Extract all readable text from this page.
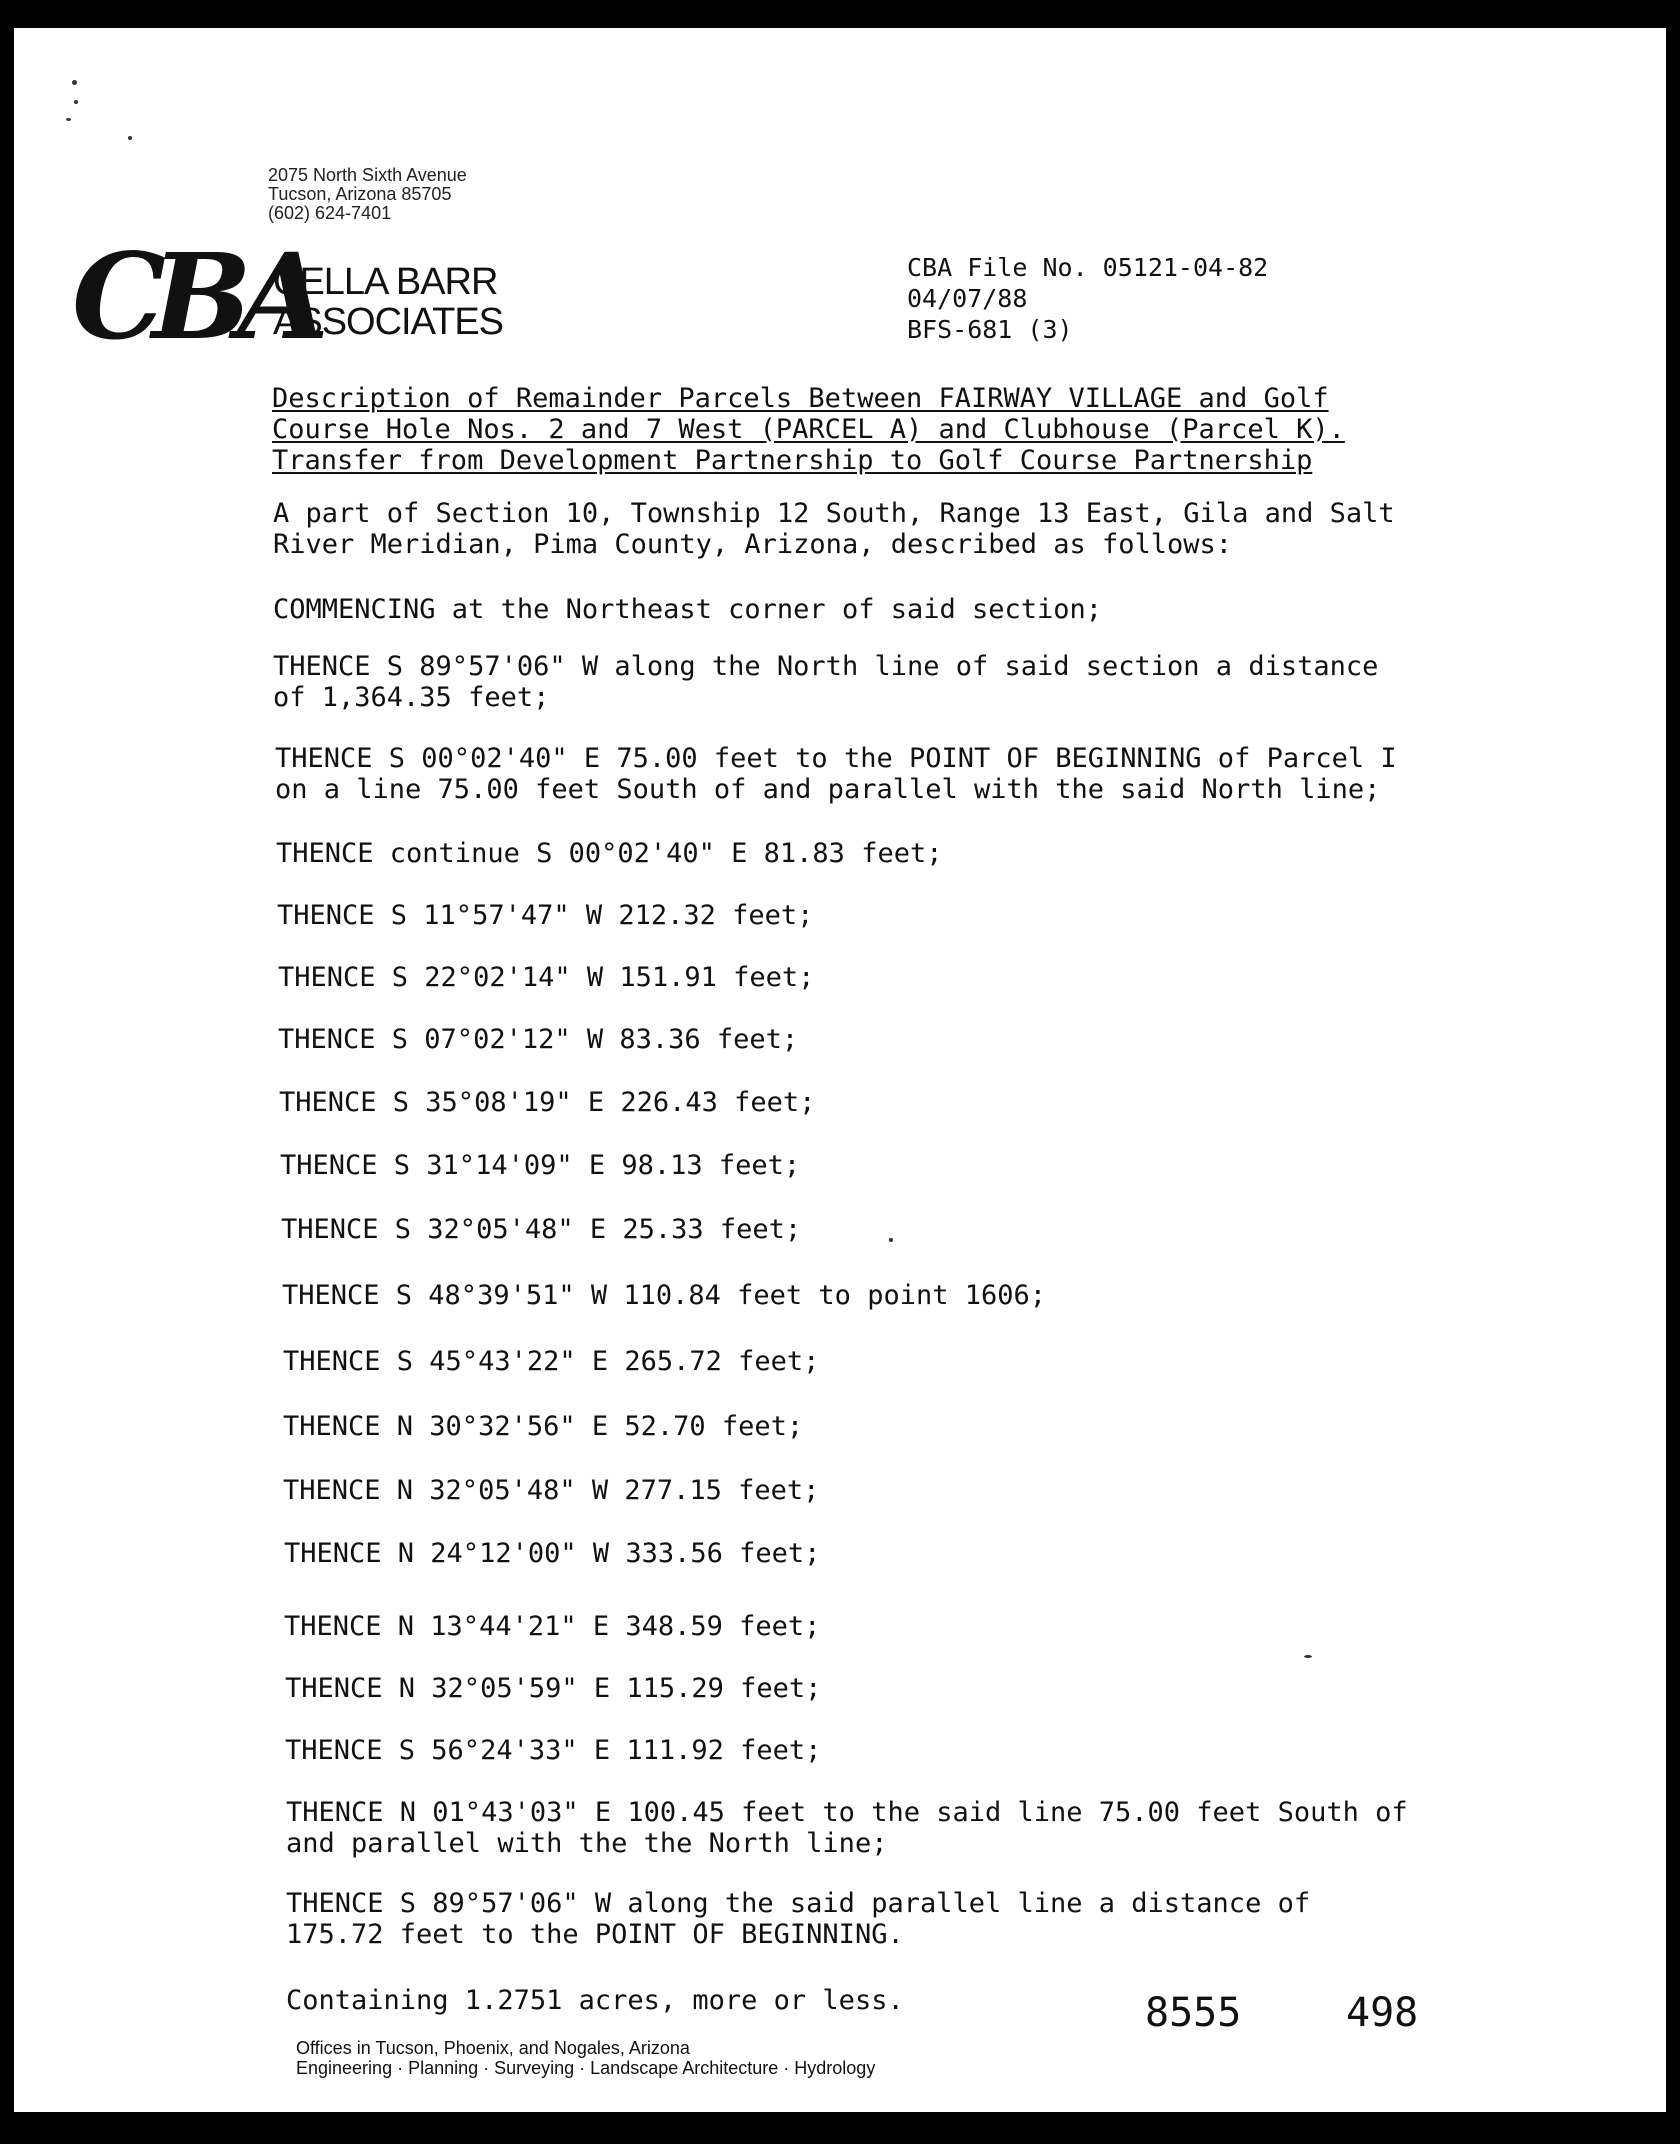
2075 North Sixth Avenue
Tucson, Arizona 85705
(602) 624-7401
CBA
CELLA BARR
ASSOCIATES
CBA File No. 05121-04-82
04/07/88
BFS-681 (3)
Description of Remainder Parcels Between FAIRWAY VILLAGE and Golf
Course Hole Nos. 2 and 7 West (PARCEL A) and Clubhouse (Parcel K).
Transfer from Development Partnership to Golf Course Partnership
A part of Section 10, Township 12 South, Range 13 East, Gila and Salt
River Meridian, Pima County, Arizona, described as follows:
COMMENCING at the Northeast corner of said section;
THENCE S 89°57'06" W along the North line of said section a distance
of 1,364.35 feet;
THENCE S 00°02'40" E 75.00 feet to the POINT OF BEGINNING of Parcel I
on a line 75.00 feet South of and parallel with the said North line;
THENCE continue S 00°02'40" E 81.83 feet;
THENCE S 11°57'47" W 212.32 feet;
THENCE S 22°02'14" W 151.91 feet;
THENCE S 07°02'12" W 83.36 feet;
THENCE S 35°08'19" E 226.43 feet;
THENCE S 31°14'09" E 98.13 feet;
THENCE S 32°05'48" E 25.33 feet;
THENCE S 48°39'51" W 110.84 feet to point 1606;
THENCE S 45°43'22" E 265.72 feet;
THENCE N 30°32'56" E 52.70 feet;
THENCE N 32°05'48" W 277.15 feet;
THENCE N 24°12'00" W 333.56 feet;
THENCE N 13°44'21" E 348.59 feet;
THENCE N 32°05'59" E 115.29 feet;
THENCE S 56°24'33" E 111.92 feet;
THENCE N 01°43'03" E 100.45 feet to the said line 75.00 feet South of
and parallel with the the North line;
THENCE S 89°57'06" W along the said parallel line a distance of
175.72 feet to the POINT OF BEGINNING.
Containing 1.2751 acres, more or less.	8555	498
Offices in Tucson, Phoenix, and Nogales, Arizona
Engineering · Planning · Surveying · Landscape Architecture · Hydrology
